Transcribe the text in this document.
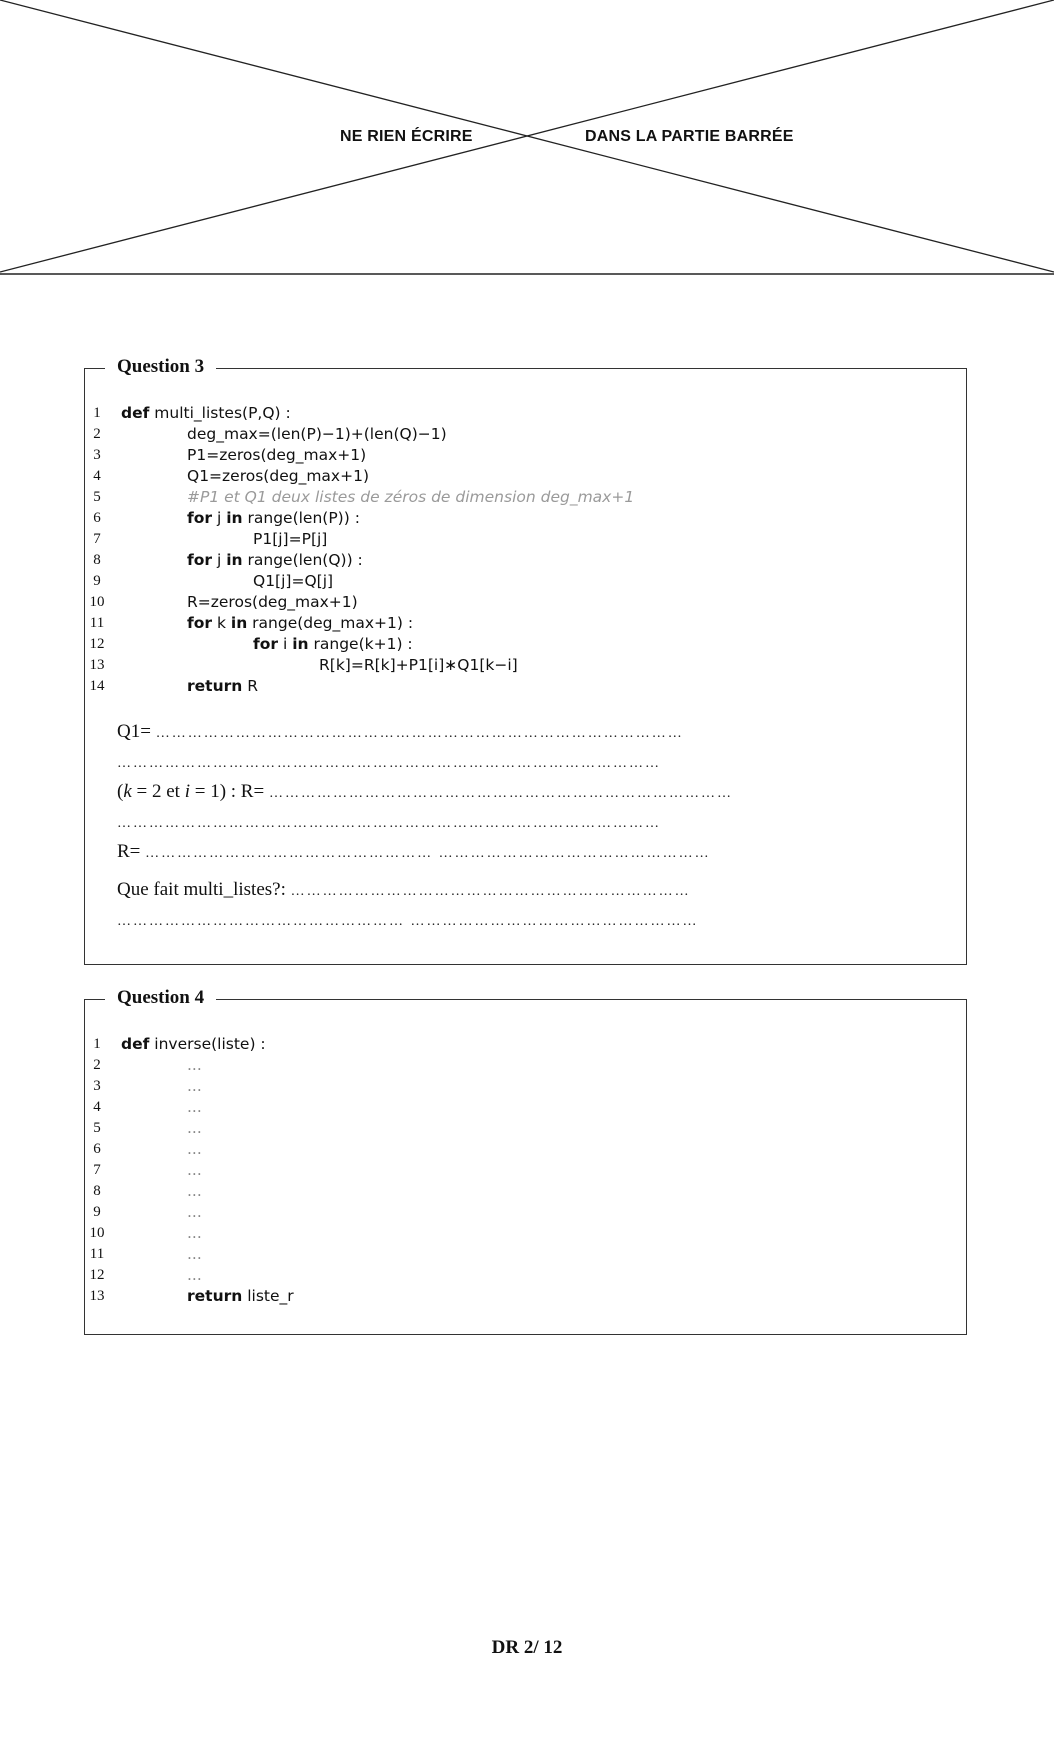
NE RIEN ÉCRIRE	DANS LA PARTIE BARRÉE
Question 3
1	def multi_listes(P,Q) :
2	deg_max=(len(P)−1)+(len(Q)−1)
3	P1=zeros(deg_max+1)
4	Q1=zeros(deg_max+1)
5	#P1 et Q1 deux listes de zéros de dimension deg_max+1
6	for j in range(len(P)) :
7	P1[j]=P[j]
8	for j in range(len(Q)) :
9	Q1[j]=Q[j]
10	R=zeros(deg_max+1)
11	for k in range(deg_max+1) :
12	for i in range(k+1) :
13	R[k]=R[k]+P1[i]∗Q1[k−i]
14	return R
Q1= ………………………………………………………………………………………
…………………………………………………………………………………………
(k = 2 et i = 1) : R= ……………………………………………………………………………
…………………………………………………………………………………………
R= ……………………………………………… ……………………………………………
Que fait multi_listes?: …………………………………………………………………
……………………………………………… ………………………………………………
Question 4
1	def inverse(liste) :
2	...
3	...
4	...
5	...
6	...
7	...
8	...
9	...
10	...
11	...
12	...
13	return liste_r
DR 2/ 12
